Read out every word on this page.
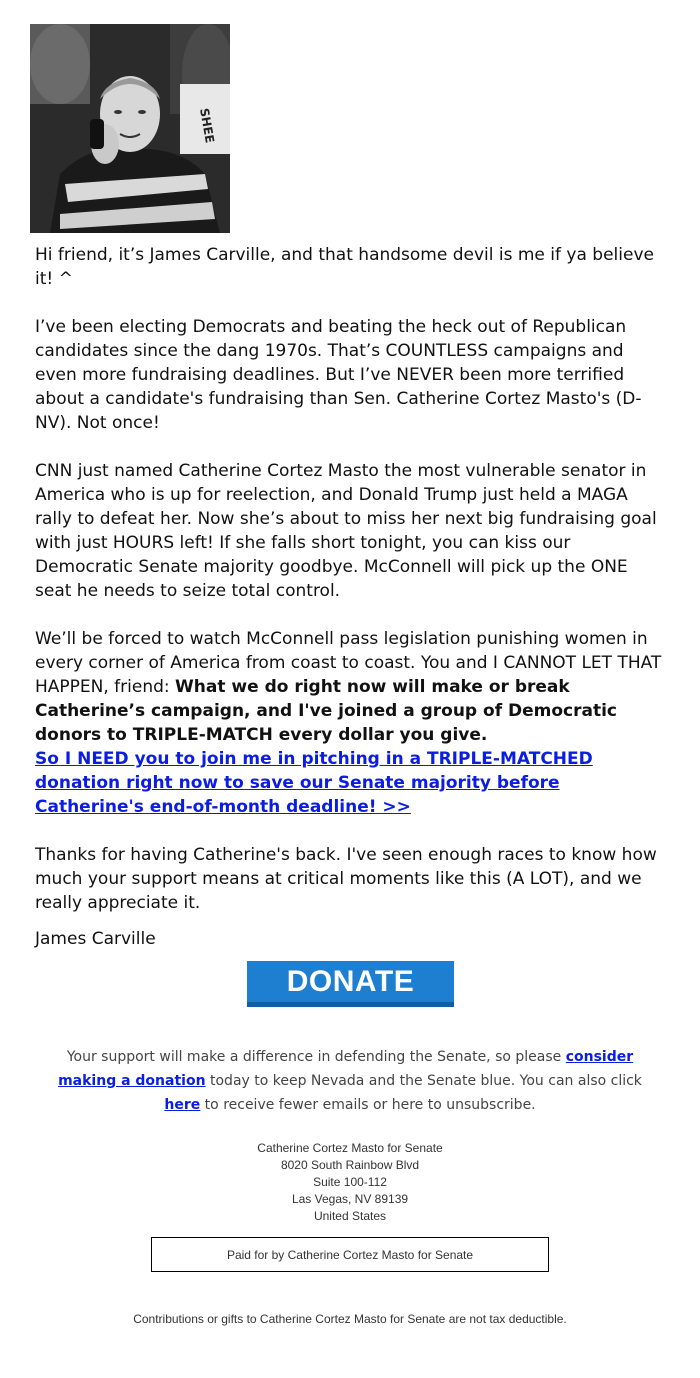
SHEE

Hi friend, it’s James Carville, and that handsome devil is me if ya believe it! ^

I’ve been electing Democrats and beating the heck out of Republican candidates since the dang 1970s. That’s COUNTLESS campaigns and even more fundraising deadlines. But I’ve NEVER been more terrified about a candidate's fundraising than Sen. Catherine Cortez Masto's (D-NV). Not once!

CNN just named Catherine Cortez Masto the most vulnerable senator in America who is up for reelection, and Donald Trump just held a MAGA rally to defeat her. Now she’s about to miss her next big fundraising goal with just HOURS left! If she falls short tonight, you can kiss our Democratic Senate majority goodbye. McConnell will pick up the ONE seat he needs to seize total control.

We’ll be forced to watch McConnell pass legislation punishing women in every corner of America from coast to coast. You and I CANNOT LET THAT HAPPEN, friend: What we do right now will make or break Catherine’s campaign, and I've joined a group of Democratic donors to TRIPLE-MATCH every dollar you give.
So I NEED you to join me in pitching in a TRIPLE-MATCHED donation right now to save our Senate majority before Catherine's end-of-month deadline! >>

Thanks for having Catherine's back. I've seen enough races to know how much your support means at critical moments like this (A LOT), and we really appreciate it.

James Carville
DONATE
Your support will make a difference in defending the Senate, so please consider making a donation today to keep Nevada and the Senate blue. You can also click here to receive fewer emails or here to unsubscribe.
Catherine Cortez Masto for Senate
8020 South Rainbow Blvd
Suite 100-112
Las Vegas, NV 89139
United States
Paid for by Catherine Cortez Masto for Senate
Contributions or gifts to Catherine Cortez Masto for Senate are not tax deductible.
